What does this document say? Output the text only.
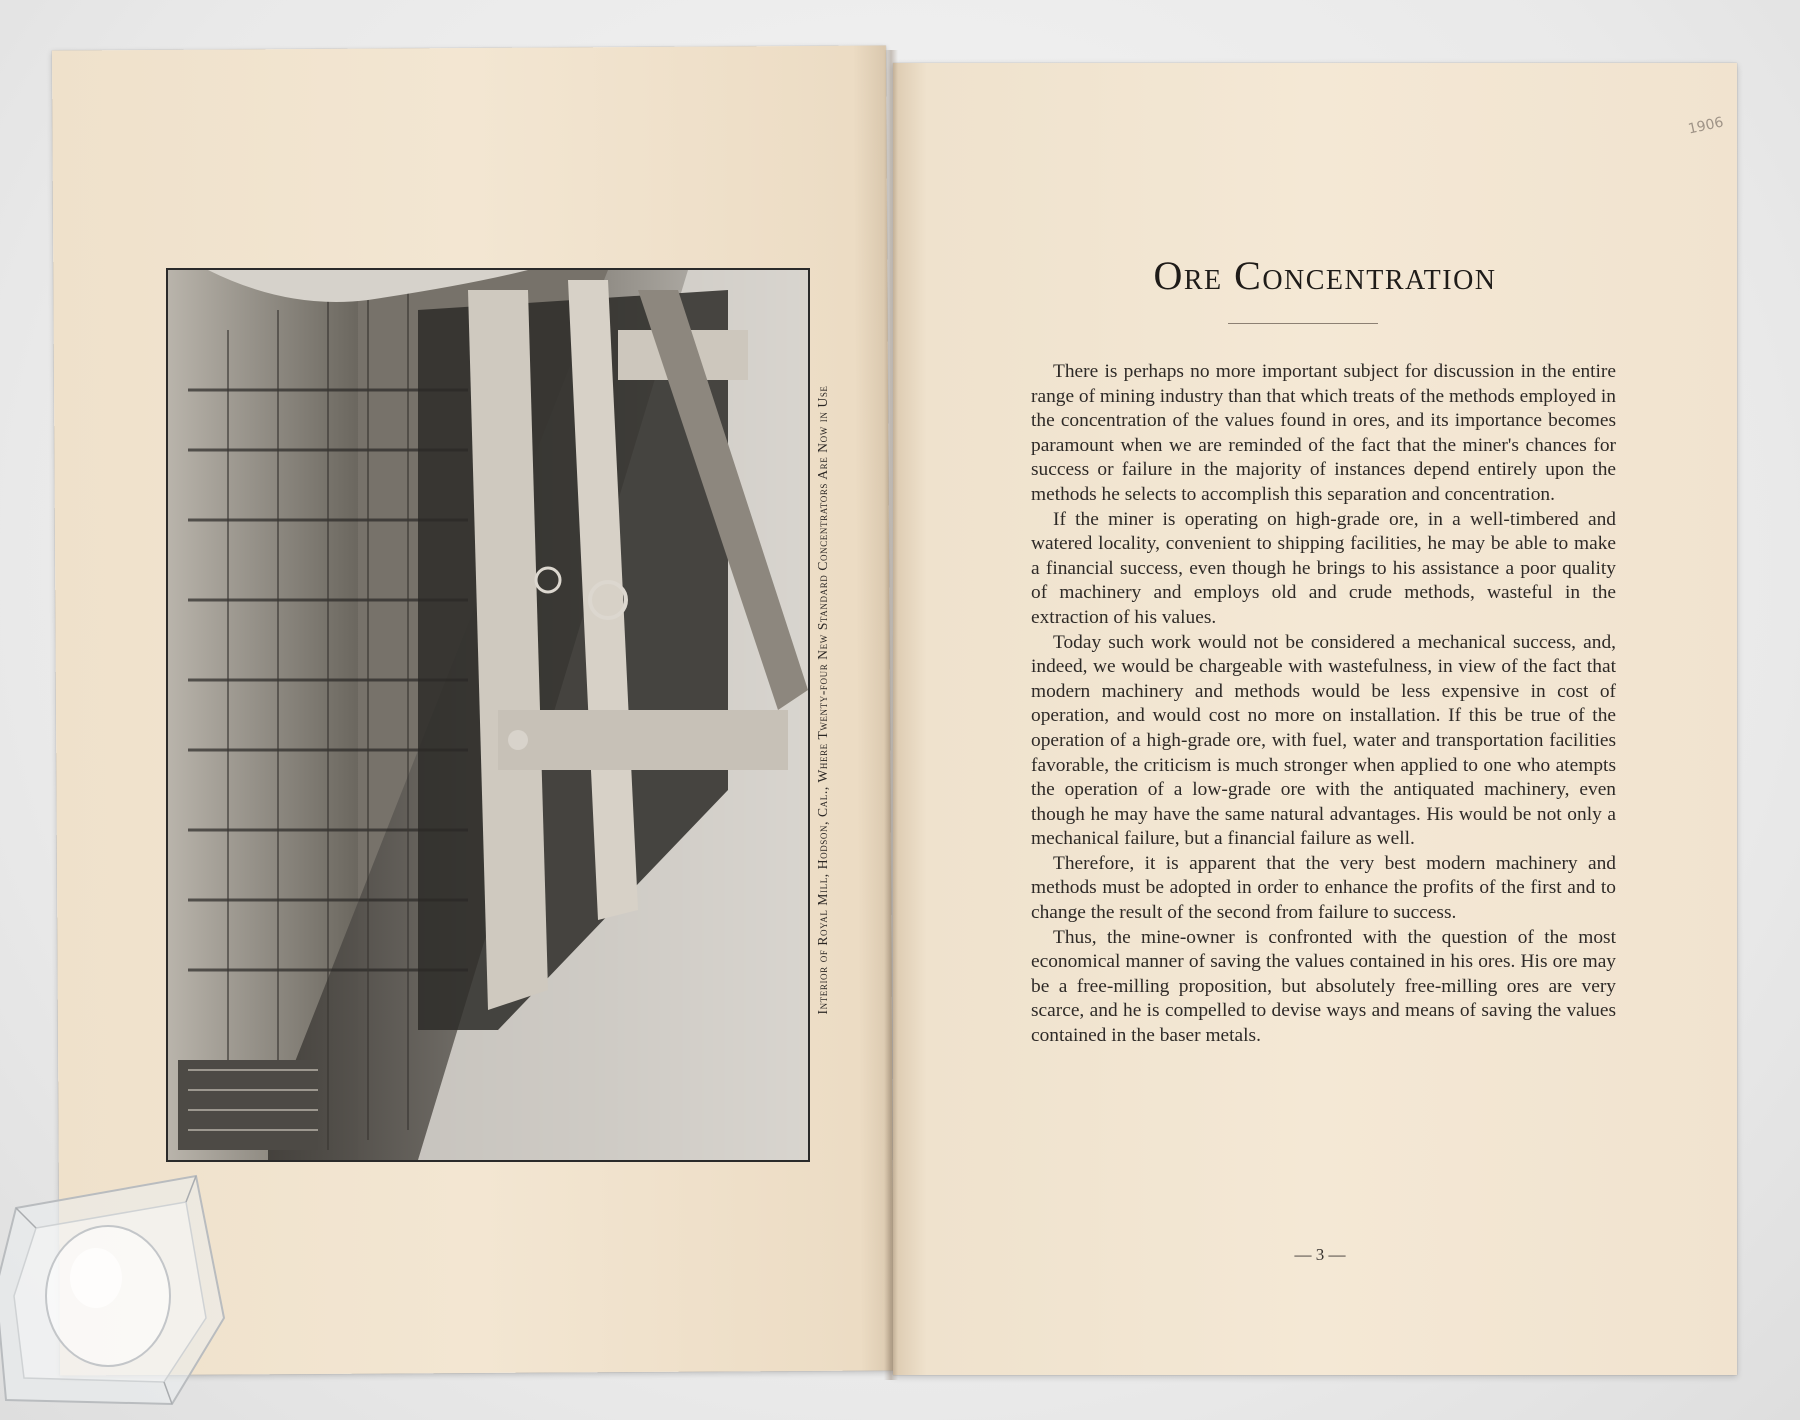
Interior of Royal Mill, Hodson, Cal., Where Twenty-four New Standard Concentrators Are Now in Use
1906
Ore Concentration

There is perhaps no more important subject for discussion in the entire range of mining industry than that which treats of the methods employed in the concentration of the values found in ores, and its importance becomes paramount when we are reminded of the fact that the miner's chances for success or failure in the majority of instances depend entirely upon the methods he selects to accomplish this separation and concentration.

If the miner is operating on high-grade ore, in a well-timbered and watered locality, convenient to shipping facilities, he may be able to make a financial success, even though he brings to his assistance a poor quality of machinery and employs old and crude methods, wasteful in the extraction of his values.

Today such work would not be considered a mechanical success, and, indeed, we would be chargeable with wastefulness, in view of the fact that modern machinery and methods would be less expensive in cost of operation, and would cost no more on installation. If this be true of the operation of a high-grade ore, with fuel, water and transportation facilities favorable, the criticism is much stronger when applied to one who atempts the operation of a low-grade ore with the antiquated machinery, even though he may have the same natural advantages. His would be not only a mechanical failure, but a financial failure as well.

Therefore, it is apparent that the very best modern machinery and methods must be adopted in order to enhance the profits of the first and to change the result of the second from failure to success.

Thus, the mine-owner is confronted with the question of the most economical manner of saving the values contained in his ores. His ore may be a free-milling proposition, but absolutely free-milling ores are very scarce, and he is compelled to devise ways and means of saving the values contained in the baser metals.

— 3 —
